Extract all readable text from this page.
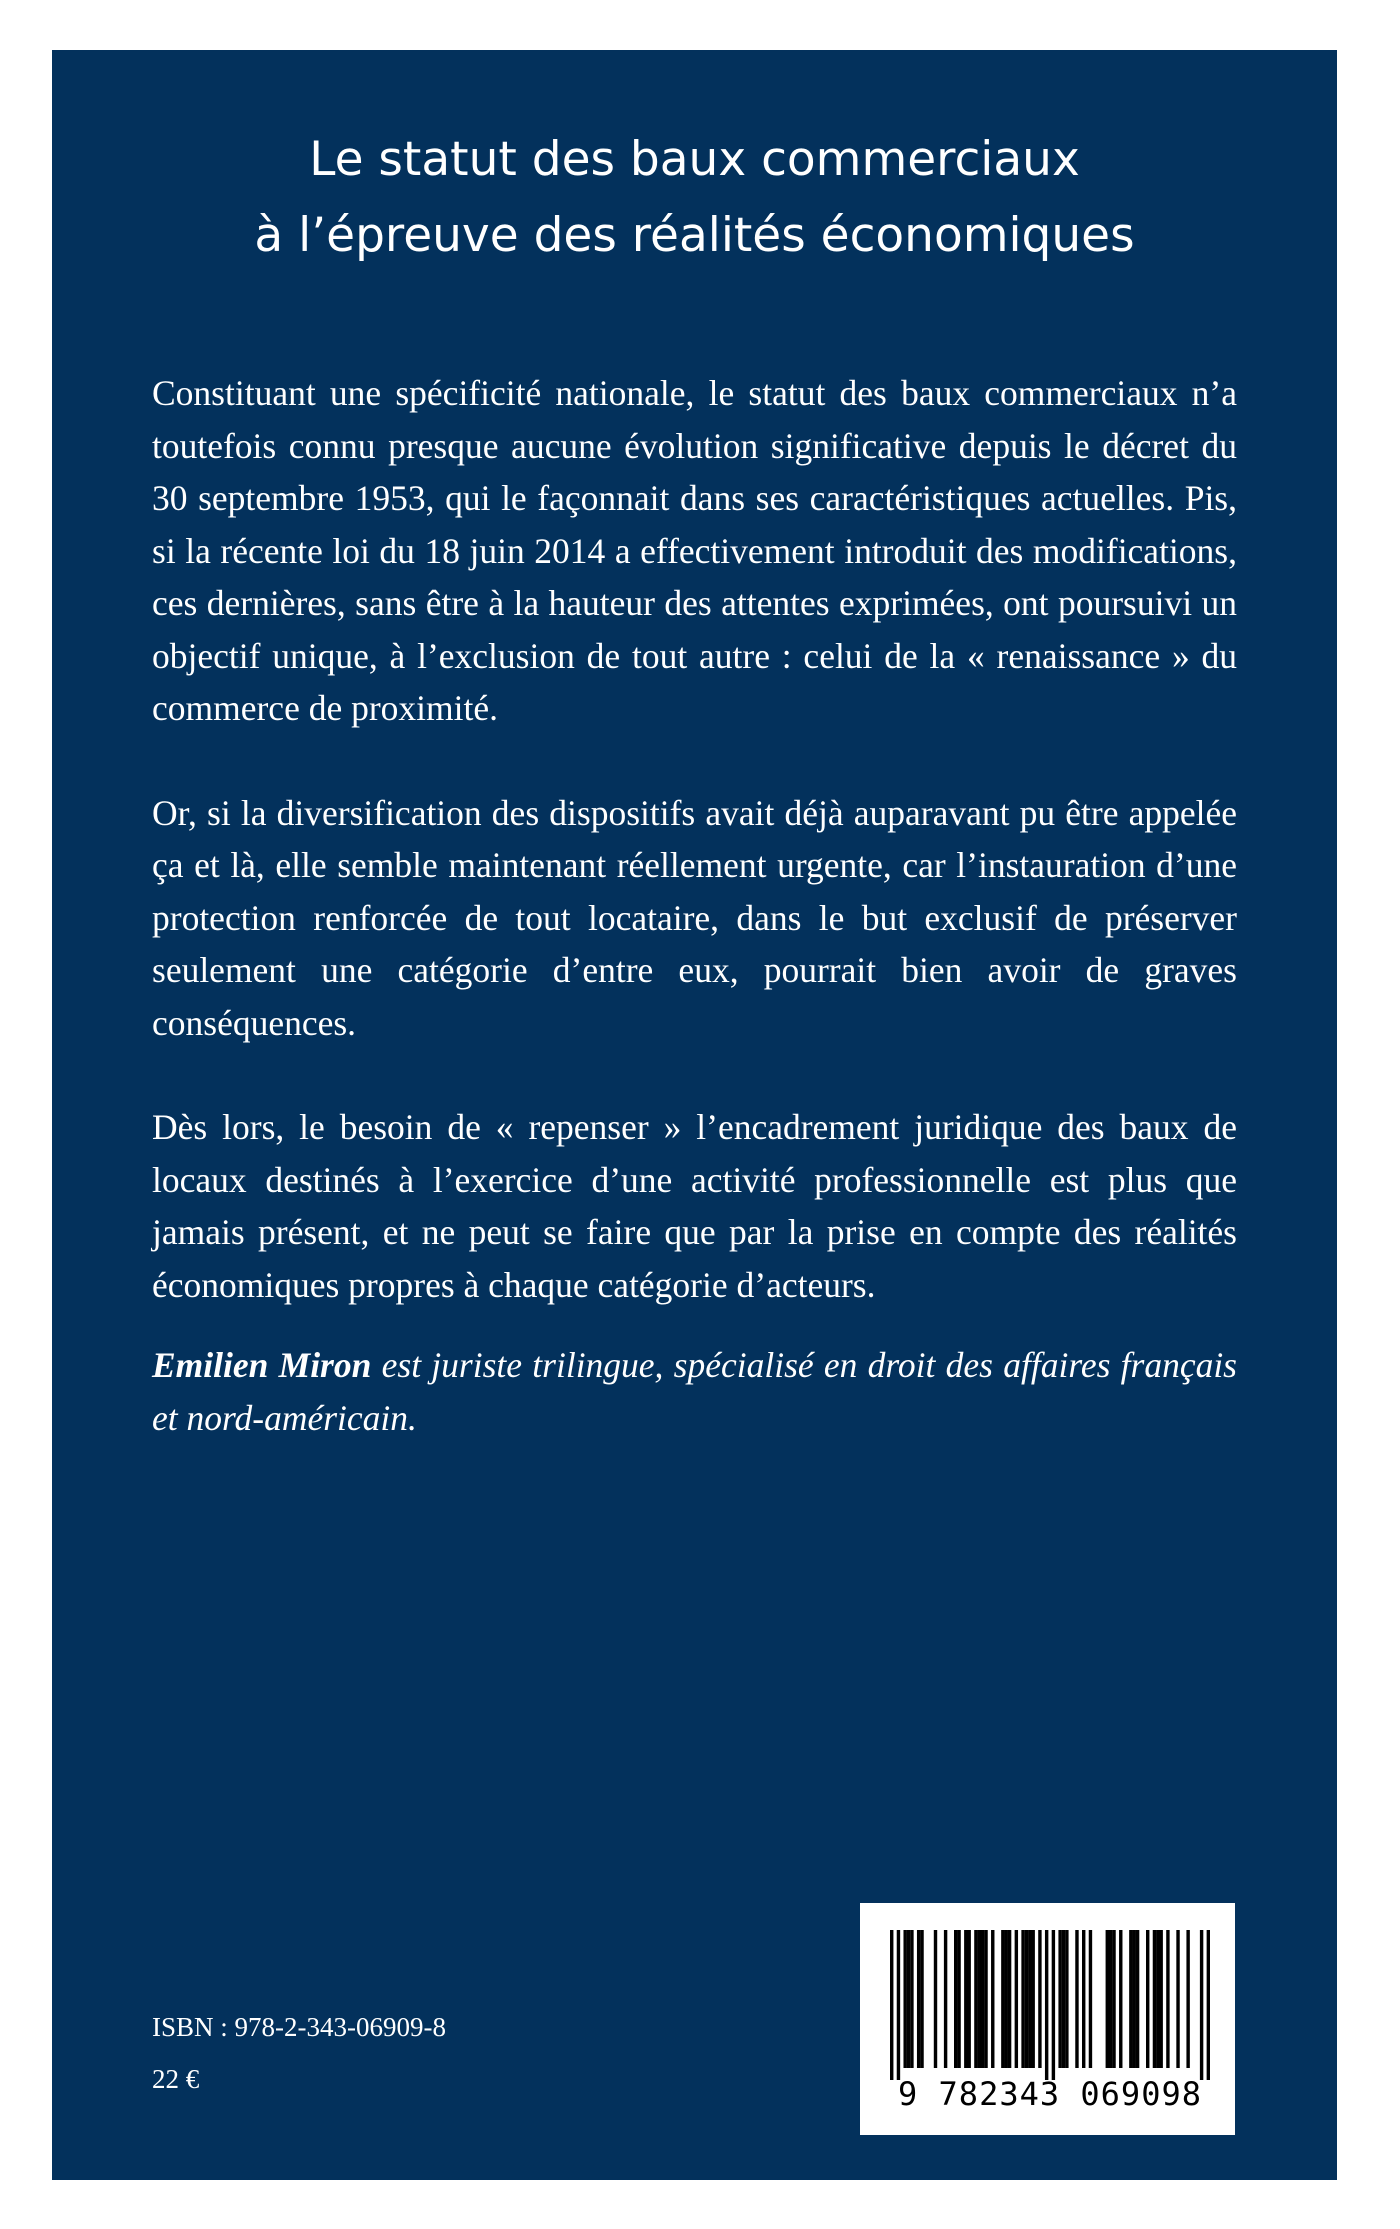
Le statut des baux commerciaux
à l’épreuve des réalités économiques

Constituant une spécificité nationale, le statut des baux commerciaux n’a toutefois connu presque aucune évolution significative depuis le décret du 30 septembre 1953, qui le façonnait dans ses caractéristiques actuelles. Pis, si la récente loi du 18 juin 2014 a effectivement introduit des modifications, ces dernières, sans être à la hauteur des attentes exprimées, ont poursuivi un objectif unique, à l’exclusion de tout autre : celui de la « renaissance » du commerce de proximité.

Or, si la diversification des dispositifs avait déjà auparavant pu être appelée ça et là, elle semble maintenant réellement urgente, car l’instauration d’une protection renforcée de tout locataire, dans le but exclusif de préserver seulement une catégorie d’entre eux, pourrait bien avoir de graves conséquences.

Dès lors, le besoin de « repenser » l’encadrement juridique des baux de locaux destinés à l’exercice d’une activité professionnelle est plus que jamais présent, et ne peut se faire que par la prise en compte des réalités économiques propres à chaque catégorie d’acteurs.

Emilien Miron est juriste trilingue, spécialisé en droit des affaires français et nord-américain.

ISBN : 978-2-343-06909-8
22 €	9 782343 069098
